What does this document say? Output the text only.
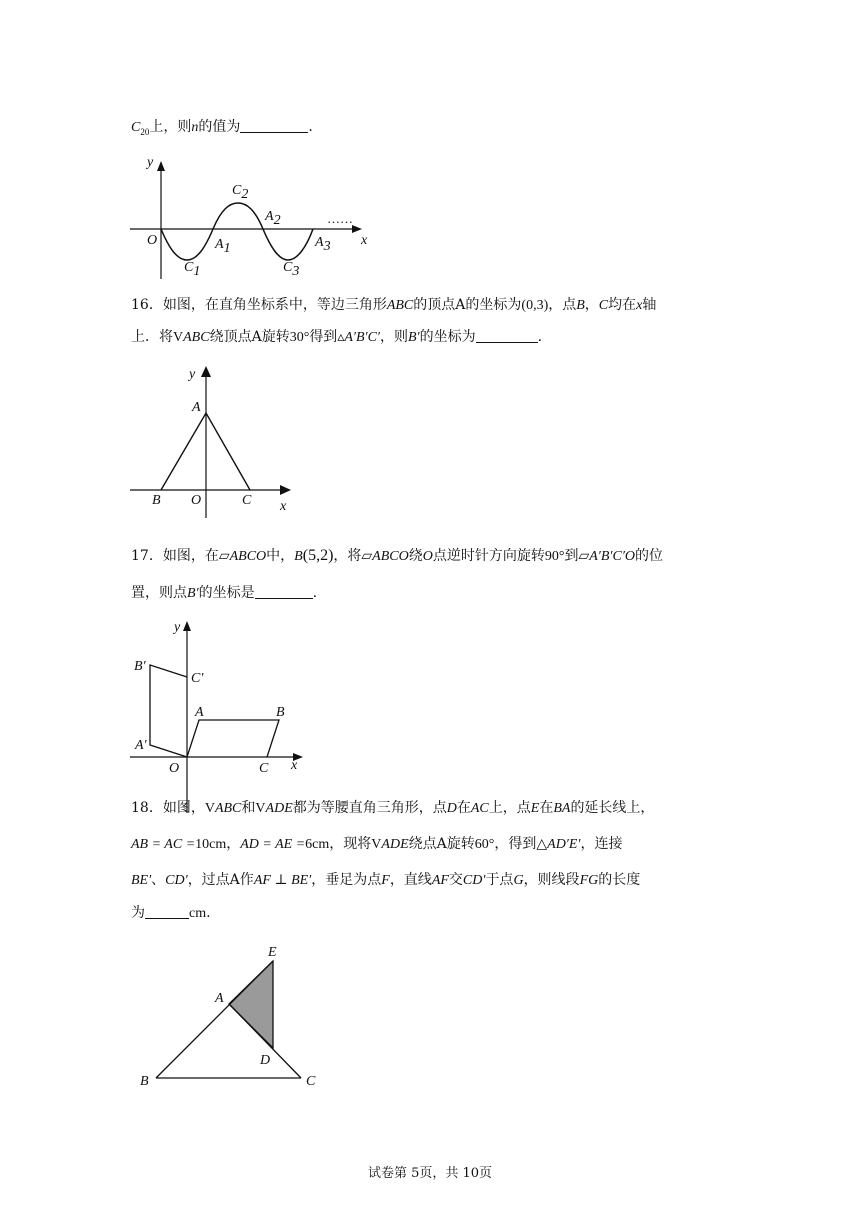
$C_{20}$上，则n的值为	.
y
x
O
C1
A1
C2
A2
C3
A3
……
16．如图，在直角坐标系中，等边三角形ABC的顶点A的坐标为(0,3)，点B，C均在x轴
上．将VABC绕顶点A旋转30°得到▵A′B′C′，则B′的坐标为	.
y
A
B O	C x
17．如图，在▱ABCO中，B(5,2)，将▱ABCO绕O点逆时针方向旋转90°到▱A′B′C′O的位
置，则点B′的坐标是	.
y
B′
C′
A	B
A′
O	C x
18．如图，VABC和VADE都为等腰直角三角形，点D在AC上，点E在BA的延长线上，
AB = AC =10cm，AD = AE =6cm，现将VADE绕点A旋转60°，得到△AD′E′，连接
BE′、CD′，过点A作AF ⊥ BE′，垂足为点F，直线AF交CD′于点G，则线段FG的长度
为	cm.
E
A
D
B	C
试卷第 5页，共 10页
